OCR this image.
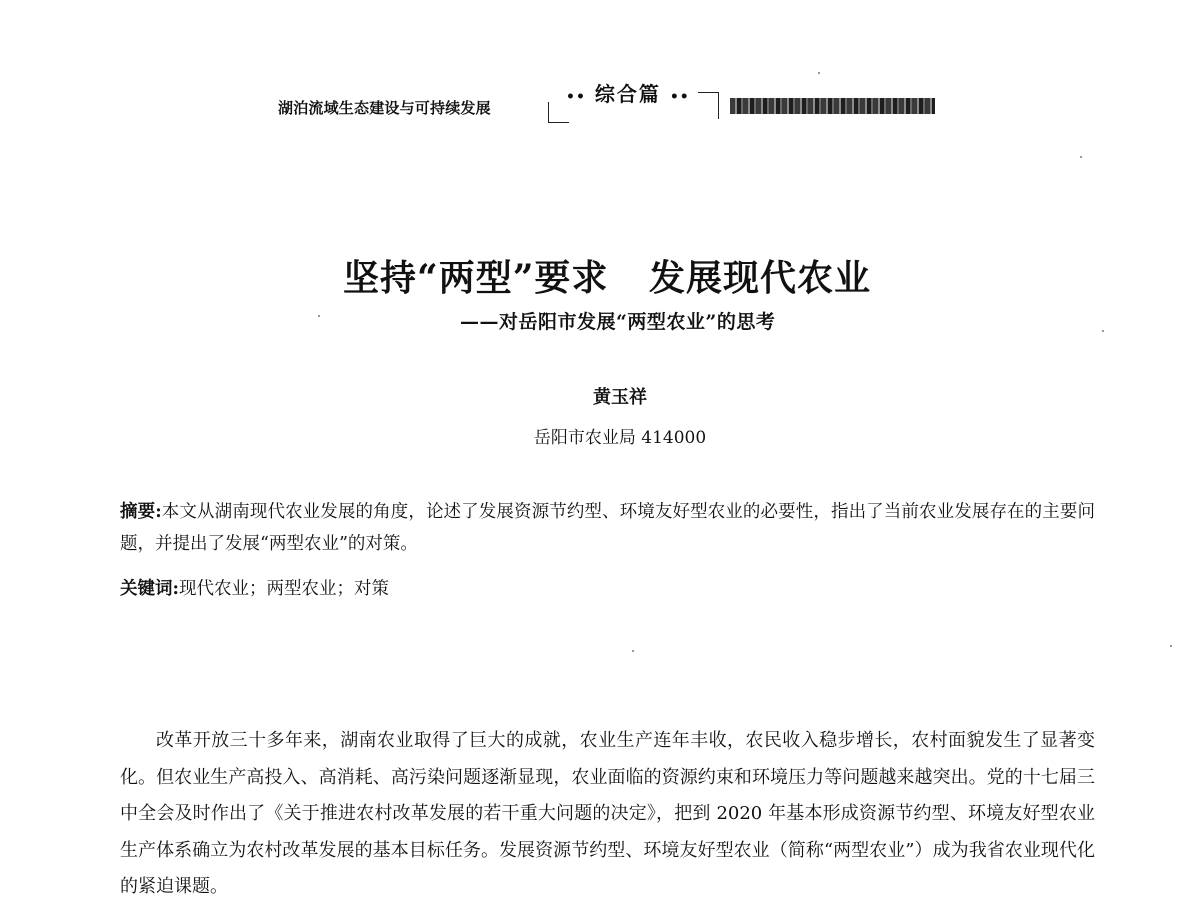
湖泊流域生态建设与可持续发展
•• 综合篇 ••
坚持“两型”要求   发展现代农业
——对岳阳市发展“两型农业”的思考
黄玉祥
岳阳市农业局 414000

摘要:本文从湖南现代农业发展的角度，论述了发展资源节约型、环境友好型农业的必要性，指出了当前农业发展存在的主要问题，并提出了发展“两型农业”的对策。

关键词:现代农业；两型农业；对策

改革开放三十多年来，湖南农业取得了巨大的成就，农业生产连年丰收，农民收入稳步增长，农村面貌发生了显著变化。但农业生产高投入、高消耗、高污染问题逐渐显现，农业面临的资源约束和环境压力等问题越来越突出。党的十七届三中全会及时作出了《关于推进农村改革发展的若干重大问题的决定》，把到 2020 年基本形成资源节约型、环境友好型农业生产体系确立为农村改革发展的基本目标任务。发展资源节约型、环境友好型农业（简称“两型农业”）成为我省农业现代化的紧迫课题。
